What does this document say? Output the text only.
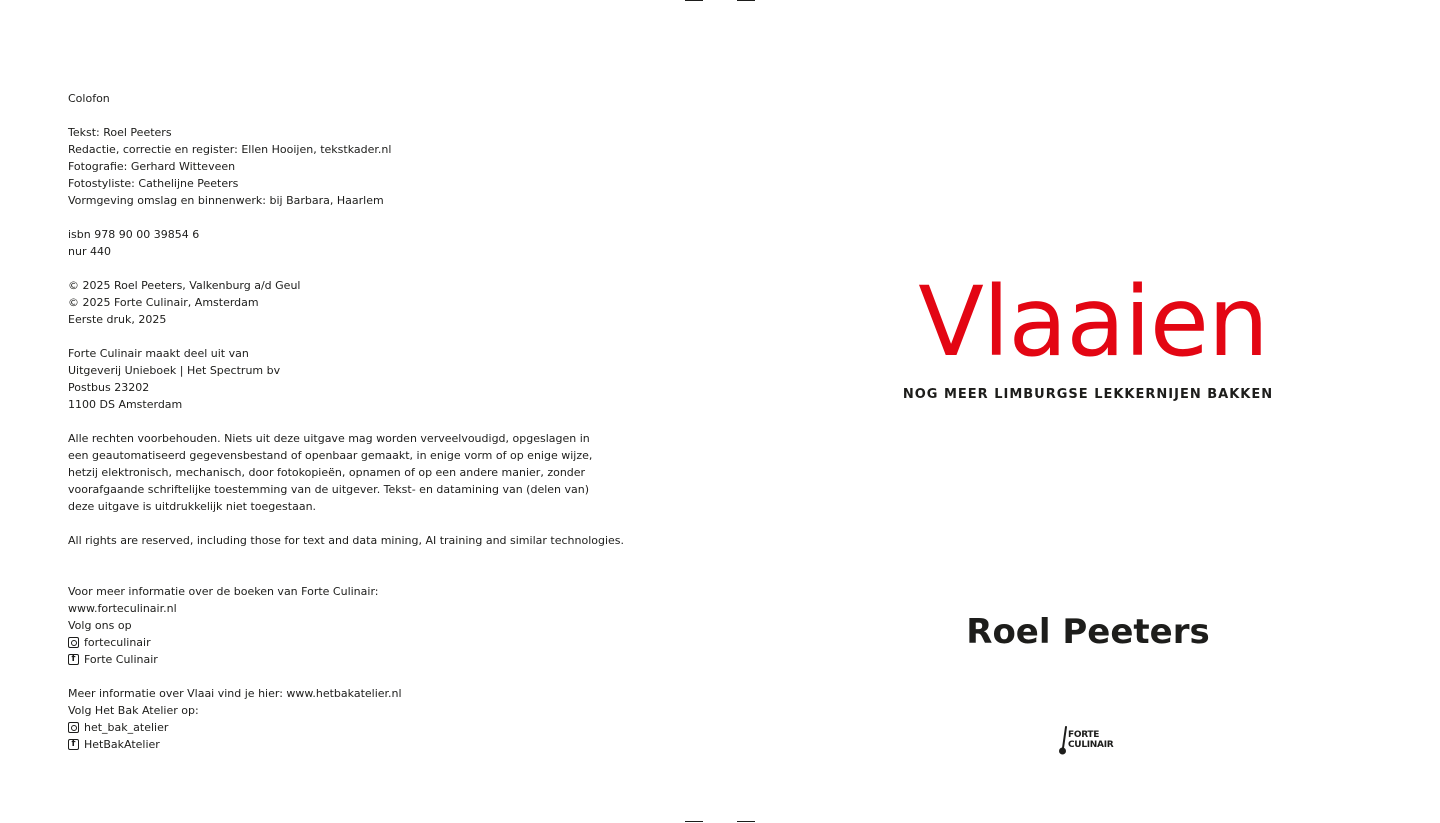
Colofon
Tekst: Roel Peeters
Redactie, correctie en register: Ellen Hooijen, tekstkader.nl
Fotografie: Gerhard Witteveen
Fotostyliste: Cathelijne Peeters
Vormgeving omslag en binnenwerk: bij Barbara, Haarlem
isbn 978 90 00 39854 6
nur 440
© 2025 Roel Peeters, Valkenburg a/d Geul
© 2025 Forte Culinair, Amsterdam
Eerste druk, 2025
Forte Culinair maakt deel uit van
Uitgeverij Unieboek | Het Spectrum bv
Postbus 23202
1100 DS Amsterdam
Alle rechten voorbehouden. Niets uit deze uitgave mag worden verveelvoudigd, opgeslagen in een geautomatiseerd gegevensbestand of openbaar gemaakt, in enige vorm of op enige wijze, hetzij elektronisch, mechanisch, door fotokopieën, opnamen of op een andere manier, zonder voorafgaande schriftelijke toestemming van de uitgever. Tekst- en datamining van (delen van) deze uitgave is uitdrukkelijk niet toegestaan.
All rights are reserved, including those for text and data mining, AI training and similar technologies.
Voor meer informatie over de boeken van Forte Culinair:
www.forteculinair.nl
Volg ons op
forteculinair
f Forte Culinair
Meer informatie over Vlaai vind je hier: www.hetbakatelier.nl
Volg Het Bak Atelier op:
het_bak_atelier
f HetBakAtelier
Vlaaien
NOG MEER LIMBURGSE LEKKERNIJEN BAKKEN
Roel Peeters
FORTE
CULINAIR
